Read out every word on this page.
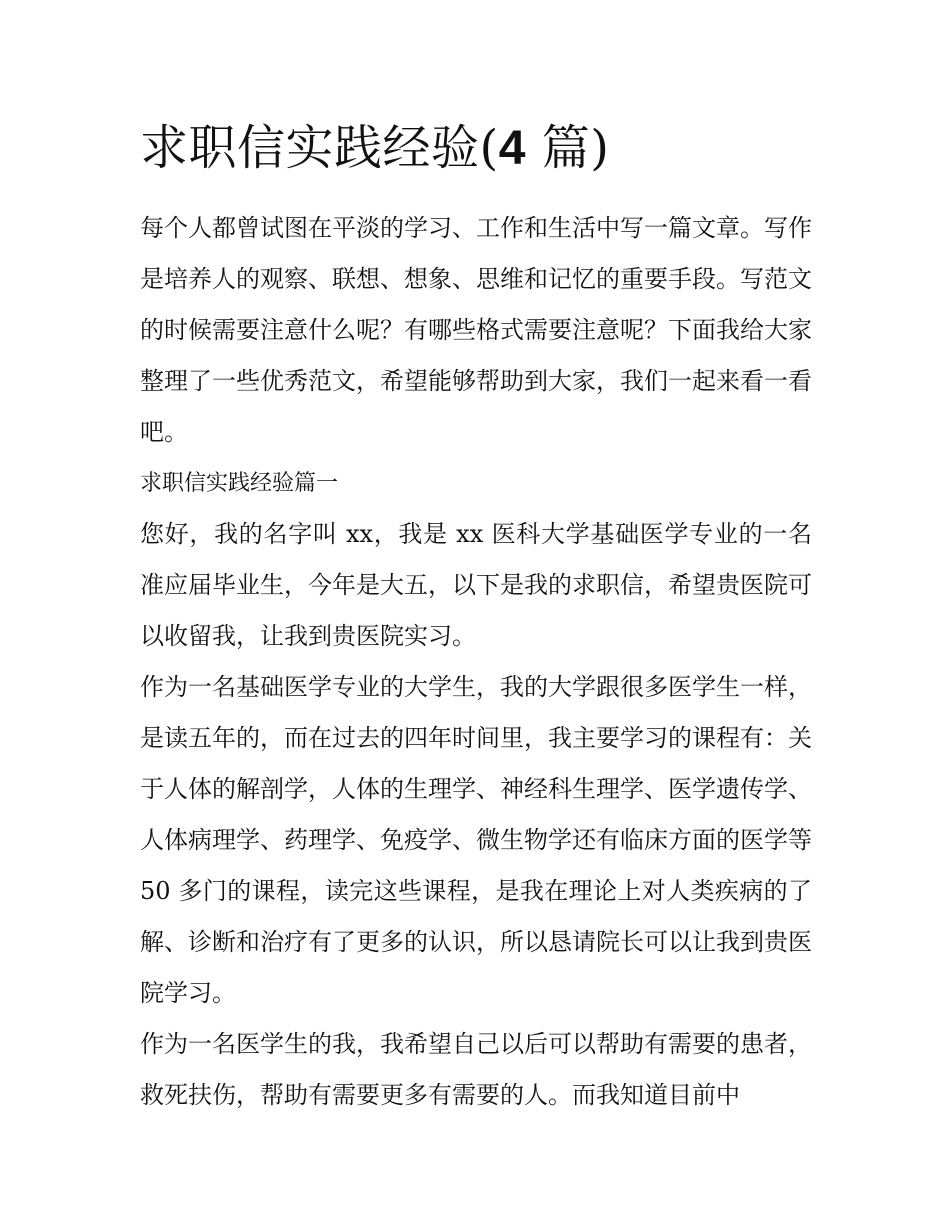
求职信实践经验(4 篇)

每个人都曾试图在平淡的学习、工作和生活中写一篇文章。写作是培养人的观察、联想、想象、思维和记忆的重要手段。写范文的时候需要注意什么呢？有哪些格式需要注意呢？下面我给大家整理了一些优秀范文，希望能够帮助到大家，我们一起来看一看吧。

求职信实践经验篇一

您好，我的名字叫 xx，我是 xx 医科大学基础医学专业的一名准应届毕业生，今年是大五，以下是我的求职信，希望贵医院可以收留我，让我到贵医院实习。

作为一名基础医学专业的大学生，我的大学跟很多医学生一样，是读五年的，而在过去的四年时间里，我主要学习的课程有：关于人体的解剖学，人体的生理学、神经科生理学、医学遗传学、人体病理学、药理学、免疫学、微生物学还有临床方面的医学等 50 多门的课程，读完这些课程，是我在理论上对人类疾病的了解、诊断和治疗有了更多的认识，所以恳请院长可以让我到贵医院学习。

作为一名医学生的我，我希望自己以后可以帮助有需要的患者，救死扶伤，帮助有需要更多有需要的人。而我知道目前中
